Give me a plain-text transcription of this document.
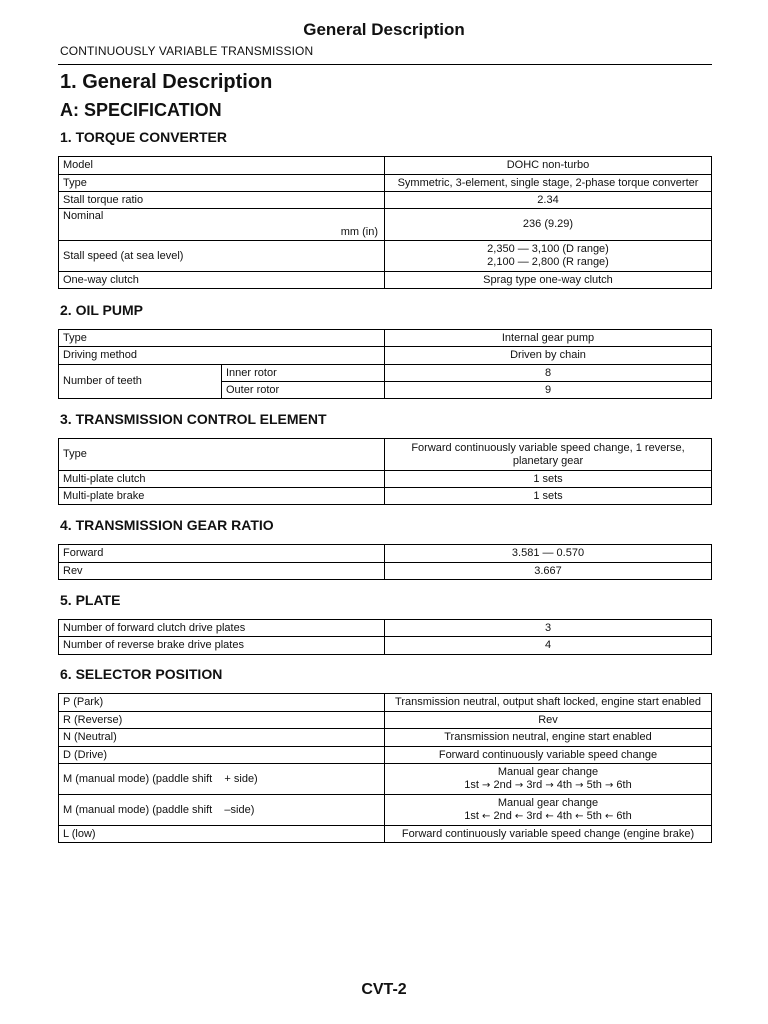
General Description
CONTINUOUSLY VARIABLE TRANSMISSION
1. General Description
A: SPECIFICATION
1. TORQUE CONVERTER
Model	DOHC non-turbo
Type	Symmetric, 3-element, single stage, 2-phase torque converter
Stall torque ratio	2.34

Nominal
mm (in)	236 (9.29)
Stall speed (at sea level)	2,350 — 3,100 (D range)
2,100 — 2,800 (R range)

One-way clutch	Sprag type one-way clutch
2. OIL PUMP
Type		Internal gear pump
Driving method		Driven by chain
Number of teeth	Inner rotor	8
	Outer rotor	9
3. TRANSMISSION CONTROL ELEMENT
Type	Forward continuously variable speed change, 1 reverse,
planetary gear

Multi-plate clutch	1 sets
Multi-plate brake	1 sets
4. TRANSMISSION GEAR RATIO
Forward	3.581 — 0.570
Rev	3.667
5. PLATE
Number of forward clutch drive plates	3
Number of reverse brake drive plates	4
6. SELECTOR POSITION
P (Park)	Transmission neutral, output shaft locked, engine start enabled
R (Reverse)	Rev
N (Neutral)	Transmission neutral, engine start enabled
D (Drive)	Forward continuously variable speed change
M (manual mode) (paddle shift    + side)	Manual gear change
1st → 2nd → 3rd → 4th → 5th → 6th

M (manual mode) (paddle shift    –side)	Manual gear change
1st ← 2nd ← 3rd ← 4th ← 5th ← 6th

L (low)	Forward continuously variable speed change (engine brake)
CVT-2
